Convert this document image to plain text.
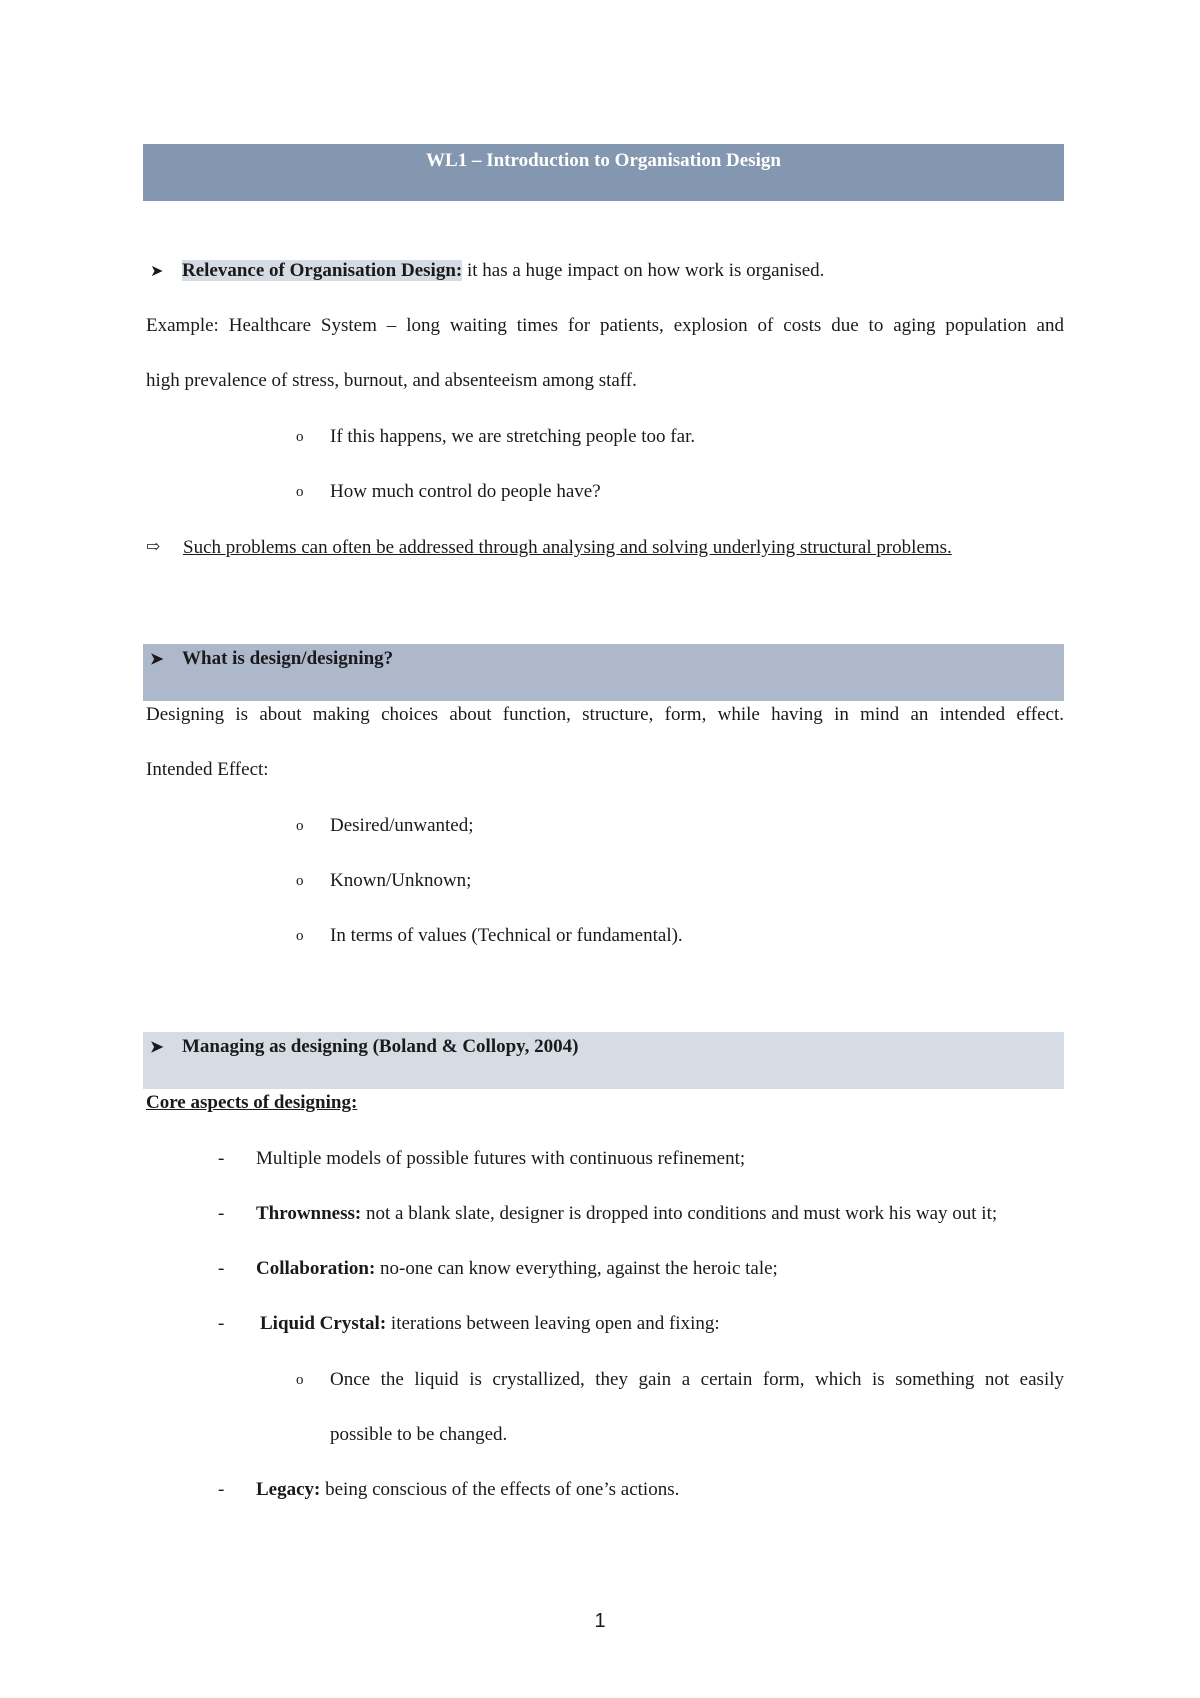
WL1 – Introduction to Organisation Design
➤ Relevance of Organisation Design: it has a huge impact on how work is organised.
Example: Healthcare System – long waiting times for patients, explosion of costs due to aging population and
high prevalence of stress, burnout, and absenteeism among staff.
o If this happens, we are stretching people too far.
o How much control do people have?
⇨ Such problems can often be addressed through analysing and solving underlying structural problems.
➤ What is design/designing?
Designing is about making choices about function, structure, form, while having in mind an intended effect.
Intended Effect:
o Desired/unwanted;
o Known/Unknown;
o In terms of values (Technical or fundamental).
➤ Managing as designing (Boland & Collopy, 2004)
Core aspects of designing:
- Multiple models of possible futures with continuous refinement;
- Thrownness: not a blank slate, designer is dropped into conditions and must work his way out it;
- Collaboration: no-one can know everything, against the heroic tale;
- Liquid Crystal: iterations between leaving open and fixing:
o Once the liquid is crystallized, they gain a certain form, which is something not easily
possible to be changed.
- Legacy: being conscious of the effects of one’s actions.
1
